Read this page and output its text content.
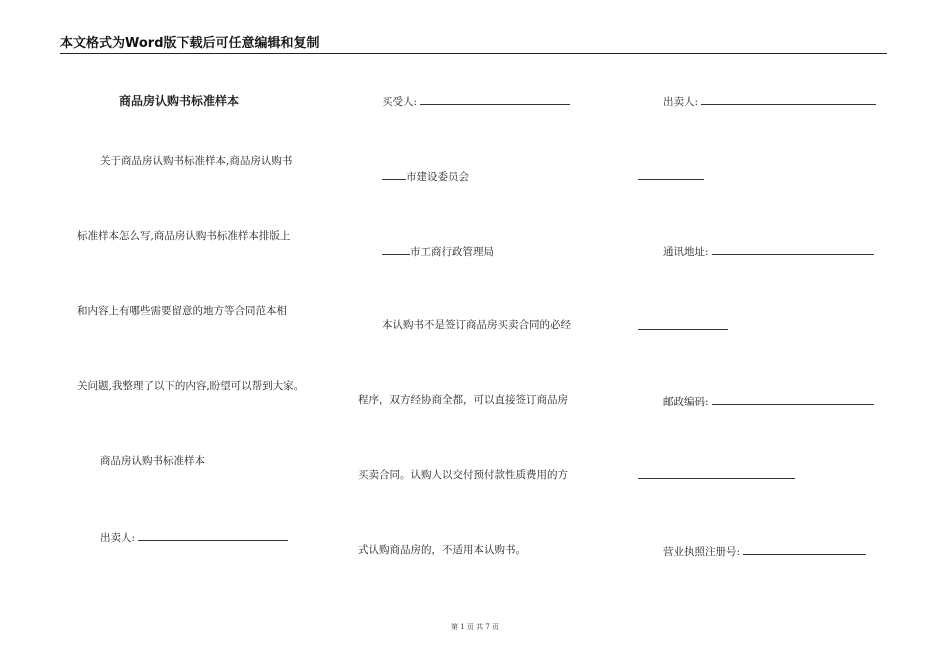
本文格式为Word版下载后可任意编辑和复制
商品房认购书标准样本
关于商品房认购书标准样本,商品房认购书
标准样本怎么写,商品房认购书标准样本排版上
和内容上有哪些需要留意的地方等合同范本相
关问题,我整理了以下的内容,盼望可以帮到大家。
商品房认购书标准样本
出卖人:
买受人:
市建设委员会
市工商行政管理局
本认购书不是签订商品房买卖合同的必经
程序，双方经协商全都，可以直接签订商品房
买卖合同。认购人以交付预付款性质费用的方
式认购商品房的，不适用本认购书。
出卖人:
通讯地址:
邮政编码:
营业执照注册号:
第 1 页 共 7 页
